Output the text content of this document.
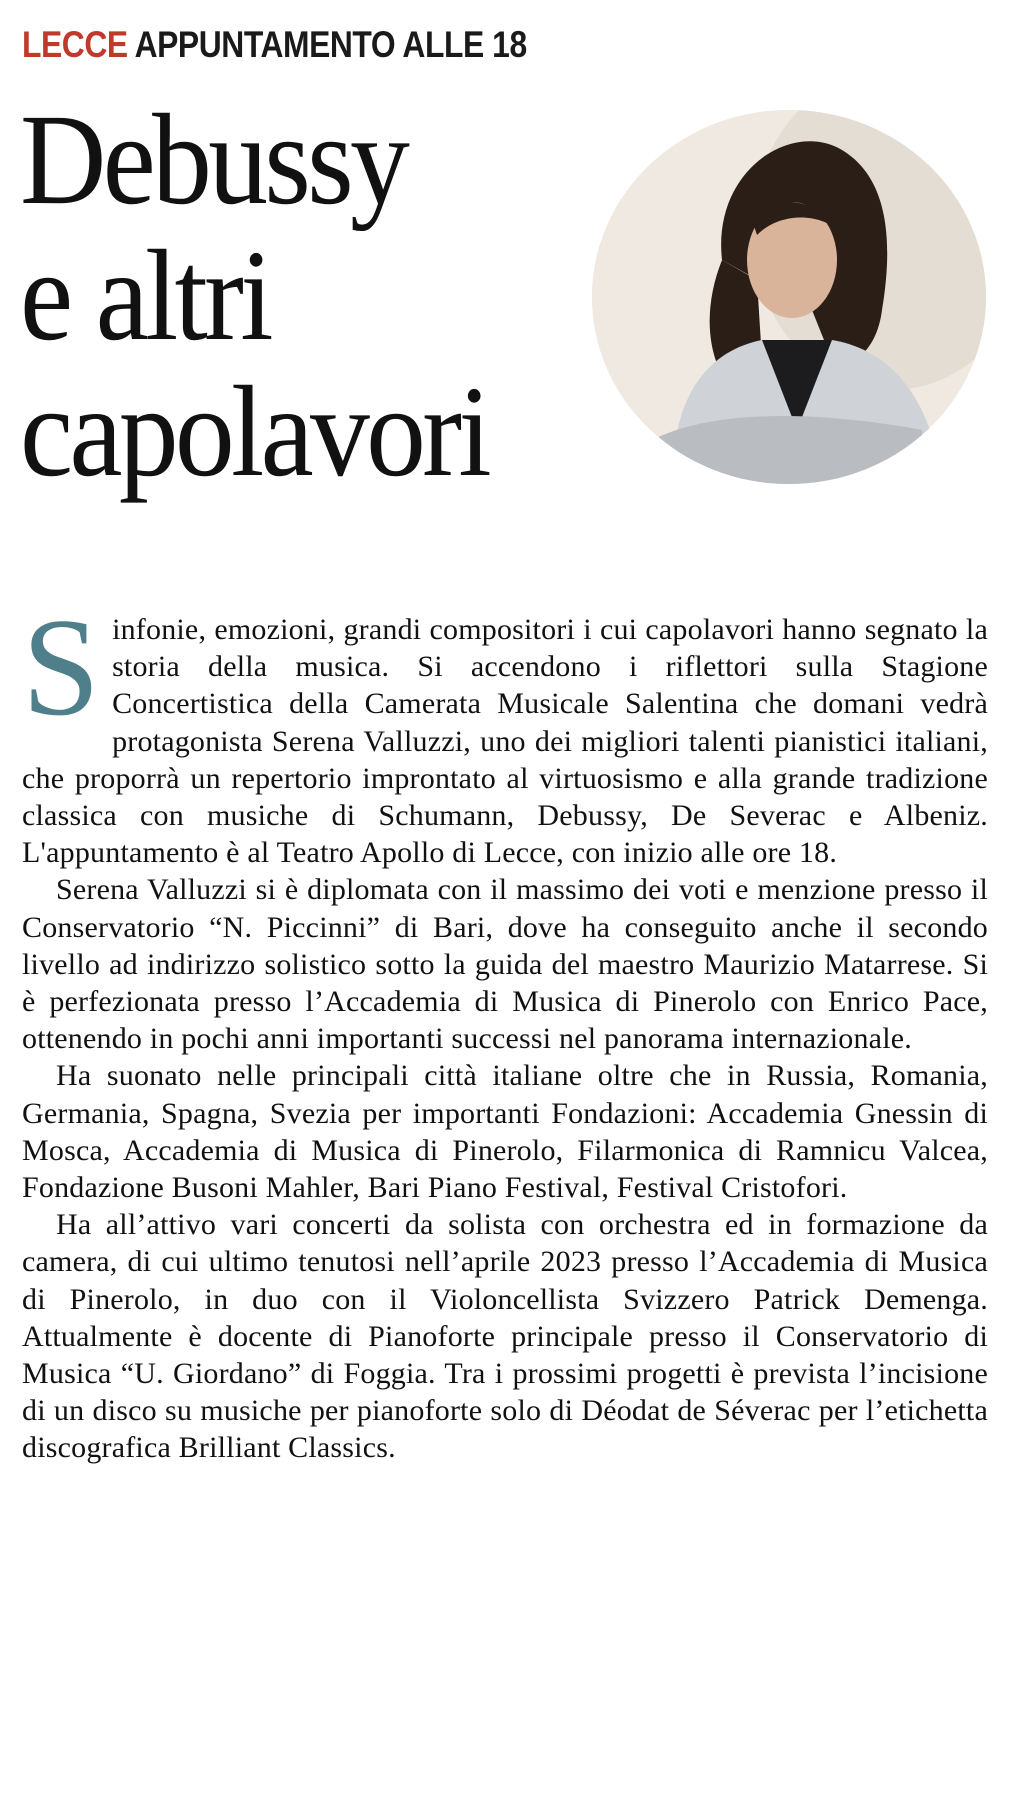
LECCE APPUNTAMENTO ALLE 18
Debussy
e altri
capolavori

Sinfonie, emozioni, grandi compositori i cui capolavori hanno segnato la storia della musica. Si accendono i riflettori sulla Stagione Concertistica della Camerata Musicale Salentina che domani vedrà protagonista Serena Valluzzi, uno dei migliori talenti pianistici italiani, che proporrà un repertorio improntato al virtuosismo e alla grande tradizione classica con musiche di Schumann, Debussy, De Severac e Albeniz. L'appuntamento è al Teatro Apollo di Lecce, con inizio alle ore 18.

Serena Valluzzi si è diplomata con il massimo dei voti e menzione presso il Conservatorio “N. Piccinni” di Bari, dove ha conseguito anche il secondo livello ad indirizzo solistico sotto la guida del maestro Maurizio Matarrese. Si è perfezionata presso l’Accademia di Musica di Pinerolo con Enrico Pace, ottenendo in pochi anni importanti successi nel panorama internazionale.

Ha suonato nelle principali città italiane oltre che in Russia, Romania, Germania, Spagna, Svezia per importanti Fondazioni: Accademia Gnessin di Mosca, Accademia di Musica di Pinerolo, Filarmonica di Ramnicu Valcea, Fondazione Busoni Mahler, Bari Piano Festival, Festival Cristofori.

Ha all’attivo vari concerti da solista con orchestra ed in formazione da camera, di cui ultimo tenutosi nell’aprile 2023 presso l’Accademia di Musica di Pinerolo, in duo con il Violoncellista Svizzero Patrick Demenga. Attualmente è docente di Pianoforte principale presso il Conservatorio di Musica “U. Giordano” di Foggia. Tra i prossimi progetti è prevista l’incisione di un disco su musiche per pianoforte solo di Déodat de Séverac per l’etichetta discografica Brilliant Classics.
